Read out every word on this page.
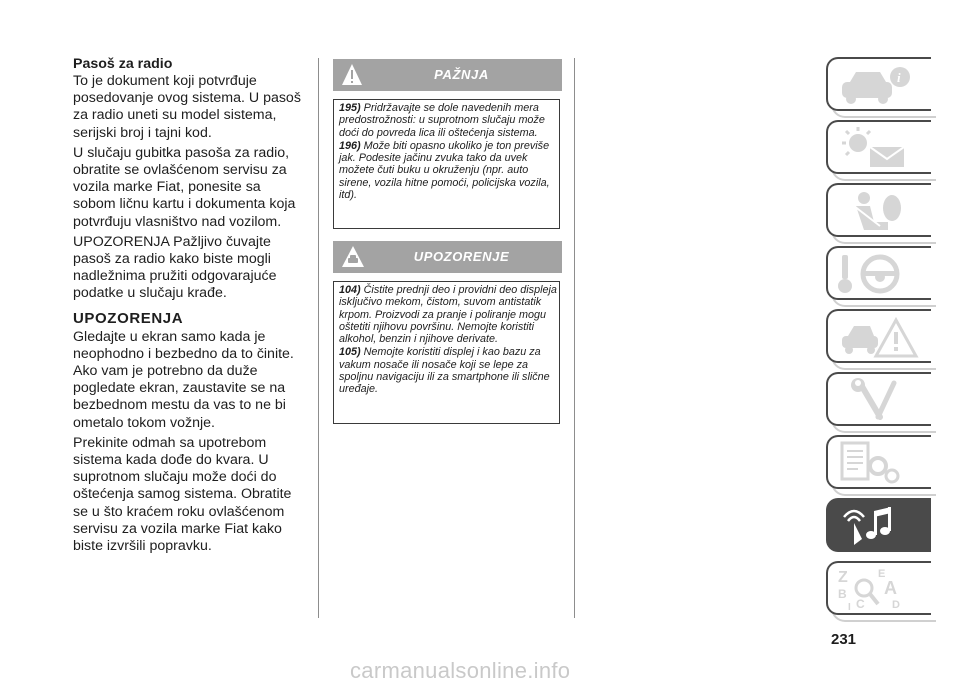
Pasoš za radio

To je dokument koji potvrđuje posedovanje ovog sistema. U pasoš za radio uneti su model sistema, serijski broj i tajni kod.

U slučaju gubitka pasoša za radio, obratite se ovlašćenom servisu za vozila marke Fiat, ponesite sa sobom ličnu kartu i dokumenta koja potvrđuju vlasništvo nad vozilom.

UPOZORENJA Pažljivo čuvajte pasoš za radio kako biste mogli nadležnima pružiti odgovarajuće podatke u slučaju krađe.

UPOZORENJA

Gledajte u ekran samo kada je neophodno i bezbedno da to činite. Ako vam je potrebno da duže pogledate ekran, zaustavite se na bezbednom mestu da vas to ne bi ometalo tokom vožnje.

Prekinite odmah sa upotrebom sistema kada dođe do kvara. U suprotnom slučaju može doći do oštećenja samog sistema. Obratite se u što kraćem roku ovlašćenom servisu za vozila marke Fiat kako biste izvršili popravku.

PAŽNJA

195) Pridržavajte se dole navedenih mera predostrožnosti: u suprotnom slučaju može doći do povreda lica ili oštećenja sistema.

196) Može biti opasno ukoliko je ton previše jak. Podesite jačinu zvuka tako da uvek možete čuti buku u okruženju (npr. auto sirene, vozila hitne pomoći, policijska vozila, itd).

UPOZORENJE

104) Čistite prednji deo i providni deo displeja isključivo mekom, čistom, suvom antistatik krpom. Proizvodi za pranje i poliranje mogu oštetiti njihovu površinu. Nemojte koristiti alkohol, benzin i njihove derivate.

105) Nemojte koristiti displej i kao bazu za vakum nosače ili nosače koji se lepe za spoljnu navigaciju ili za smartphone ili slične uređaje.

i
Z	E
A
B
C D
I
231
carmanualsonline.info
